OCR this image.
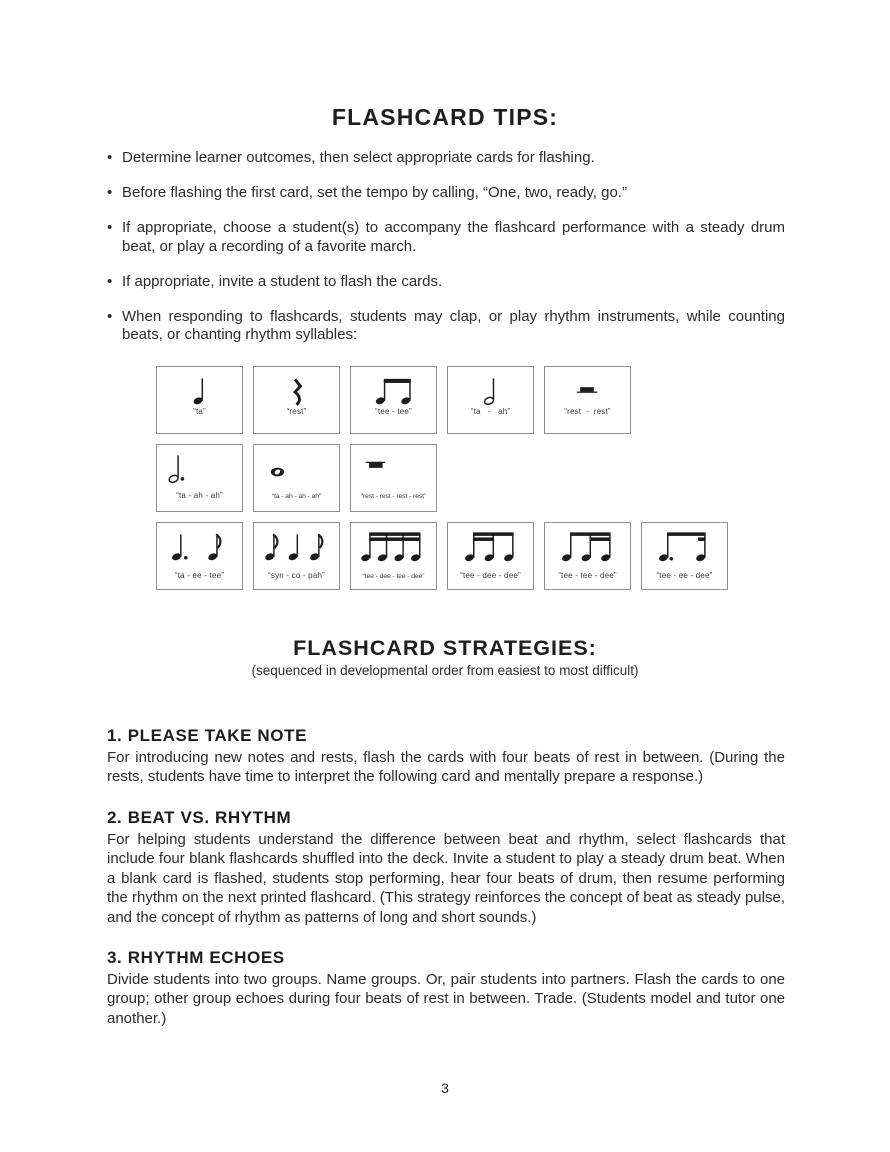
FLASHCARD TIPS:
• Determine learner outcomes, then select appropriate cards for flashing.
• Before flashing the first card, set the tempo by calling, “One, two, ready, go.”
• If appropriate, choose a student(s) to accompany the flashcard performance with a steady drum beat, or play a recording of a favorite march.
• If appropriate, invite a student to flash the cards.
• When responding to flashcards, students may clap, or play rhythm instruments, while counting beats, or chanting rhythm syllables:
“ta”	“rest”	“tee - tee”	“ta   -   ah”	“rest  -  rest”
“ta - ah - ah”	“ta - ah - ah - ah”	“rest - rest - rest - rest”
“ta - ee - tee”	“syn - co - pah”	“tee - dee - tee - dee”	“tee - dee - dee”	“tee - tee - dee”	“tee - ee - dee”
FLASHCARD STRATEGIES:
(sequenced in developmental order from easiest to most difficult)
1. PLEASE TAKE NOTE
For introducing new notes and rests, flash the cards with four beats of rest in between. (During the rests, students have time to interpret the following card and mentally prepare a response.)
2. BEAT VS. RHYTHM
For helping students understand the difference between beat and rhythm, select flashcards that include four blank flashcards shuffled into the deck. Invite a student to play a steady drum beat. When a blank card is flashed, students stop performing, hear four beats of drum, then resume performing the rhythm on the next printed flashcard. (This strategy reinforces the concept of beat as steady pulse, and the concept of rhythm as patterns of long and short sounds.)
3. RHYTHM ECHOES
Divide students into two groups. Name groups. Or, pair students into partners. Flash the cards to one group; other group echoes during four beats of rest in between. Trade. (Students model and tutor one another.)
3
